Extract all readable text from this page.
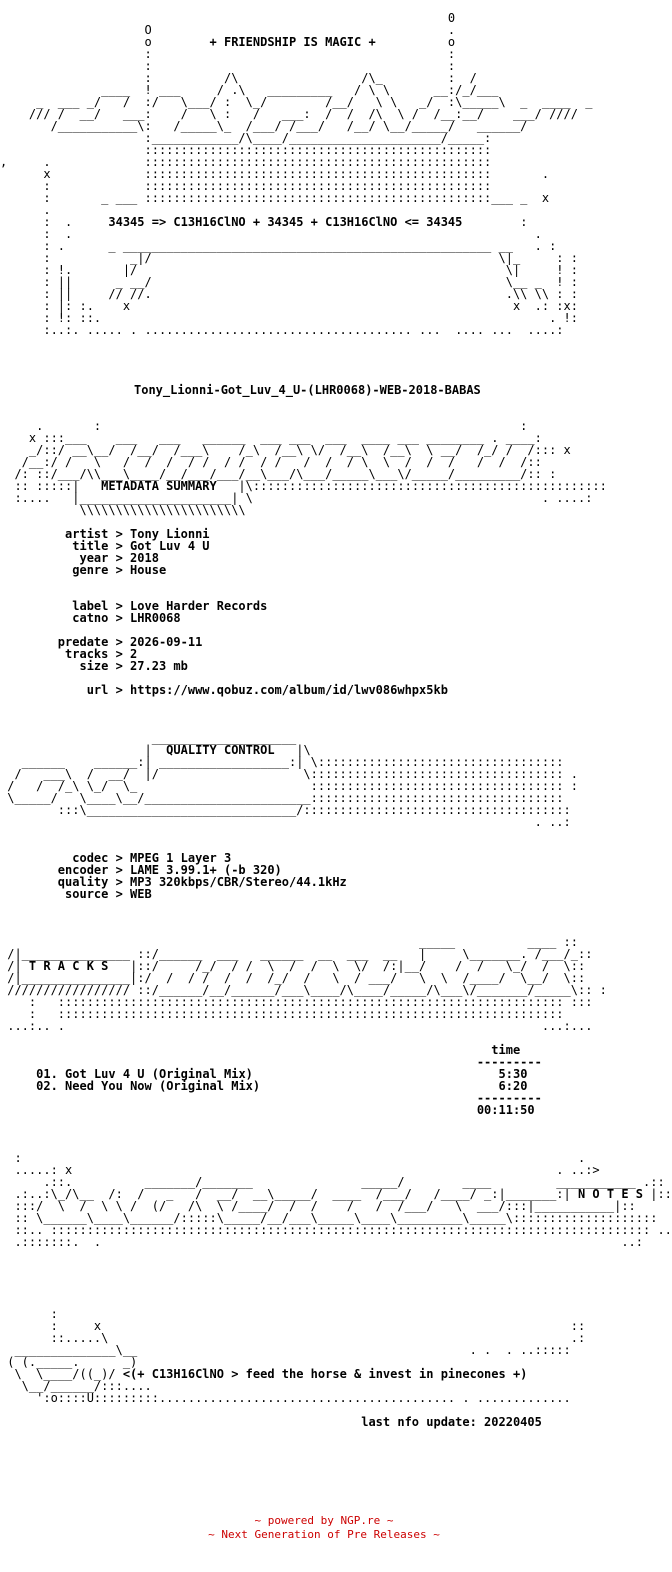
0
O                                         .
o	+ FRIENDSHIP IS MAGIC +	o
:                                         :
:                                         :
:          /\                 /\_         :  /
____  ! ___     / .\   _________   / \ \      __:/_/___
_  ___ _/   /  :/   \___/ :  \_/        /__/   \ \   _/  :\_____\  _  ____  _
/// /  __/   ___:    /   \ :   /   ___:  /  /  /\  \ /  /__:__/    ___/ ////
/___________\:   /_____\_  /___/ /___/   /__/ \__/_____/   ______/
:____________/\____/_____________________/_____:
::::::::::::::::::::::::::::::::::::::::::::::::
,     .             ::::::::::::::::::::::::::::::::::::::::::::::::
x             ::::::::::::::::::::::::::::::::::::::::::::::::       .
:             ::::::::::::::::::::::::::::::::::::::::::::::::
:       _ ___ ::::::::::::::::::::::::::::::::::::::::::::::::___ _  x
.
:  .	34345 => C13H16ClNO + 34345 + C13H16ClNO <= 34345	:
:  .                                                                .
: .      _ ___________________________________________________ __   . :
:           _|/                                                \|_     : :
: !.       |/                                                   \|     ! :
: ||      _ __/                                                 \__ _  ! :
: ||     // //.                                                 .\\ \\ : :
: |: :.    x                                                     x  .: :x:
: !: ::.                                                              . !:
:..:. ..... . ..................................... ...  .... ...  ....:

Tony_Lionni-Got_Luv_4_U-(LHR0068)-WEB-2018-BABAS

.       :                                                          :
x :::___    ___   ___   ______  ___ ___  ___  ____ ___ ________ . ____:
_/::/ __\__/  /__/  /___\    /_\  /__\ \/  /__\  /__\  \ __/  /_/ /  /::: x
/__:/ /   \   /  /  /  / /  / /  / /   /  /  / \  \  /  /  /   /  /  /::
/: ::/___/\\___\____/__/___/___/__\___/\___/_____\___\/_____/_________/:: :
:: :::::|   METADATA SUMMARY   |\:::::::::::::::::::::::::::::::::::::::::::::::::
:....   |_____________________| \                                        . ....:
\\\\\\\\\\\\\\\\\\\\\\\

artist > Tony Lionni
title > Got Luv 4 U
year > 2018
genre > House

label > Love Harder Records
catno > LHR0068

predate > 2026-09-11
tracks > 2
size > 27.23 mb

url > https://www.qobuz.com/album/id/lwv086whpx5kb

____________________
|  QUALITY CONTROL   |\
______    ______:| __________________:| \::::::::::::::::::::::::::::::::::
/   ___\  /  __/  |/                    \::::::::::::::::::::::::::::::::::: .
/   /  /_\ \_/  \_                        ::::::::::::::::::::::::::::::::::: :
\_____/   \____\__/_______________________:::::::::::::::::::::::::::::::::::
:::\_____________________________/:::::::::::::::::::::::::::::::::::::
. ..:

codec > MPEG 1 Layer 3
encoder > LAME 3.99.1+ (-b 320)
quality > MP3 320kbps/CBR/Stereo/44.1kHz
source > WEB

_____          ____ ::
/|_______________ ::/______  ___   ______  __  ___  __   |     \_______. /___/_::
/| T R A C K S   |::/     /_/  / /  \  /  /  \  \/  /:|__/    /  /   \_/  /  \::
/|_______________|:/  /  / /  /  /  /_/  /   \  / ___/   \  \  /____/  \__/  \::
///////////////// ::/______/__/______/___\____/\____/_____/\___\/_______/_____\:: :
:   :::::::::::::::::::::::::::::::::::::::::::::::::::::::::::::::::::::: :::
:   ::::::::::::::::::::::::::::::::::::::::::::::::::::::::::::::::::::::
...:.. .                                                                  ...:...

time
---------
01. Got Luv 4 U (Original Mix)	5:30
02. Need You Now (Original Mix)	6:20
---------
00:11:50

:                                                                             .
.....: x                                                                   . ..:>
.::.          _______/_______               _____/        ____         ___________ .::
.:..:\_/\__  /:  /   _   /  __/  __\_____/  ____  /___/   /____/ _:|_______:| N O T E S |::
:::/  \  /  \ \ /  (/   /\  \ /____/  /  /    /   /  /___/   \  ___/:::|___________|::
:: \______\____\______/:::::\_____/__/___\_____\____\_________\_____\::::::::::::::::::::
::.. ::::::::::::::::::::::::::::::::::::::::::::::::::::::::::::::::::::::::::::::::::: ..
.:::::::.  .                                                                        ..:

:
:     x                                                                 ::
::.....\                                                                .:
______________\__                                              . .  . ..:::::
( (._____.      _)
\  \____/((_)/ <(+ C13H16ClNO > feed the horse & invest in pinecones +)
\__/______/:::....
':o::::U:::::::::......................................... . .............

last nfo update: 20220405

~ powered by NGP.re ~
~ Next Generation of Pre Releases ~
